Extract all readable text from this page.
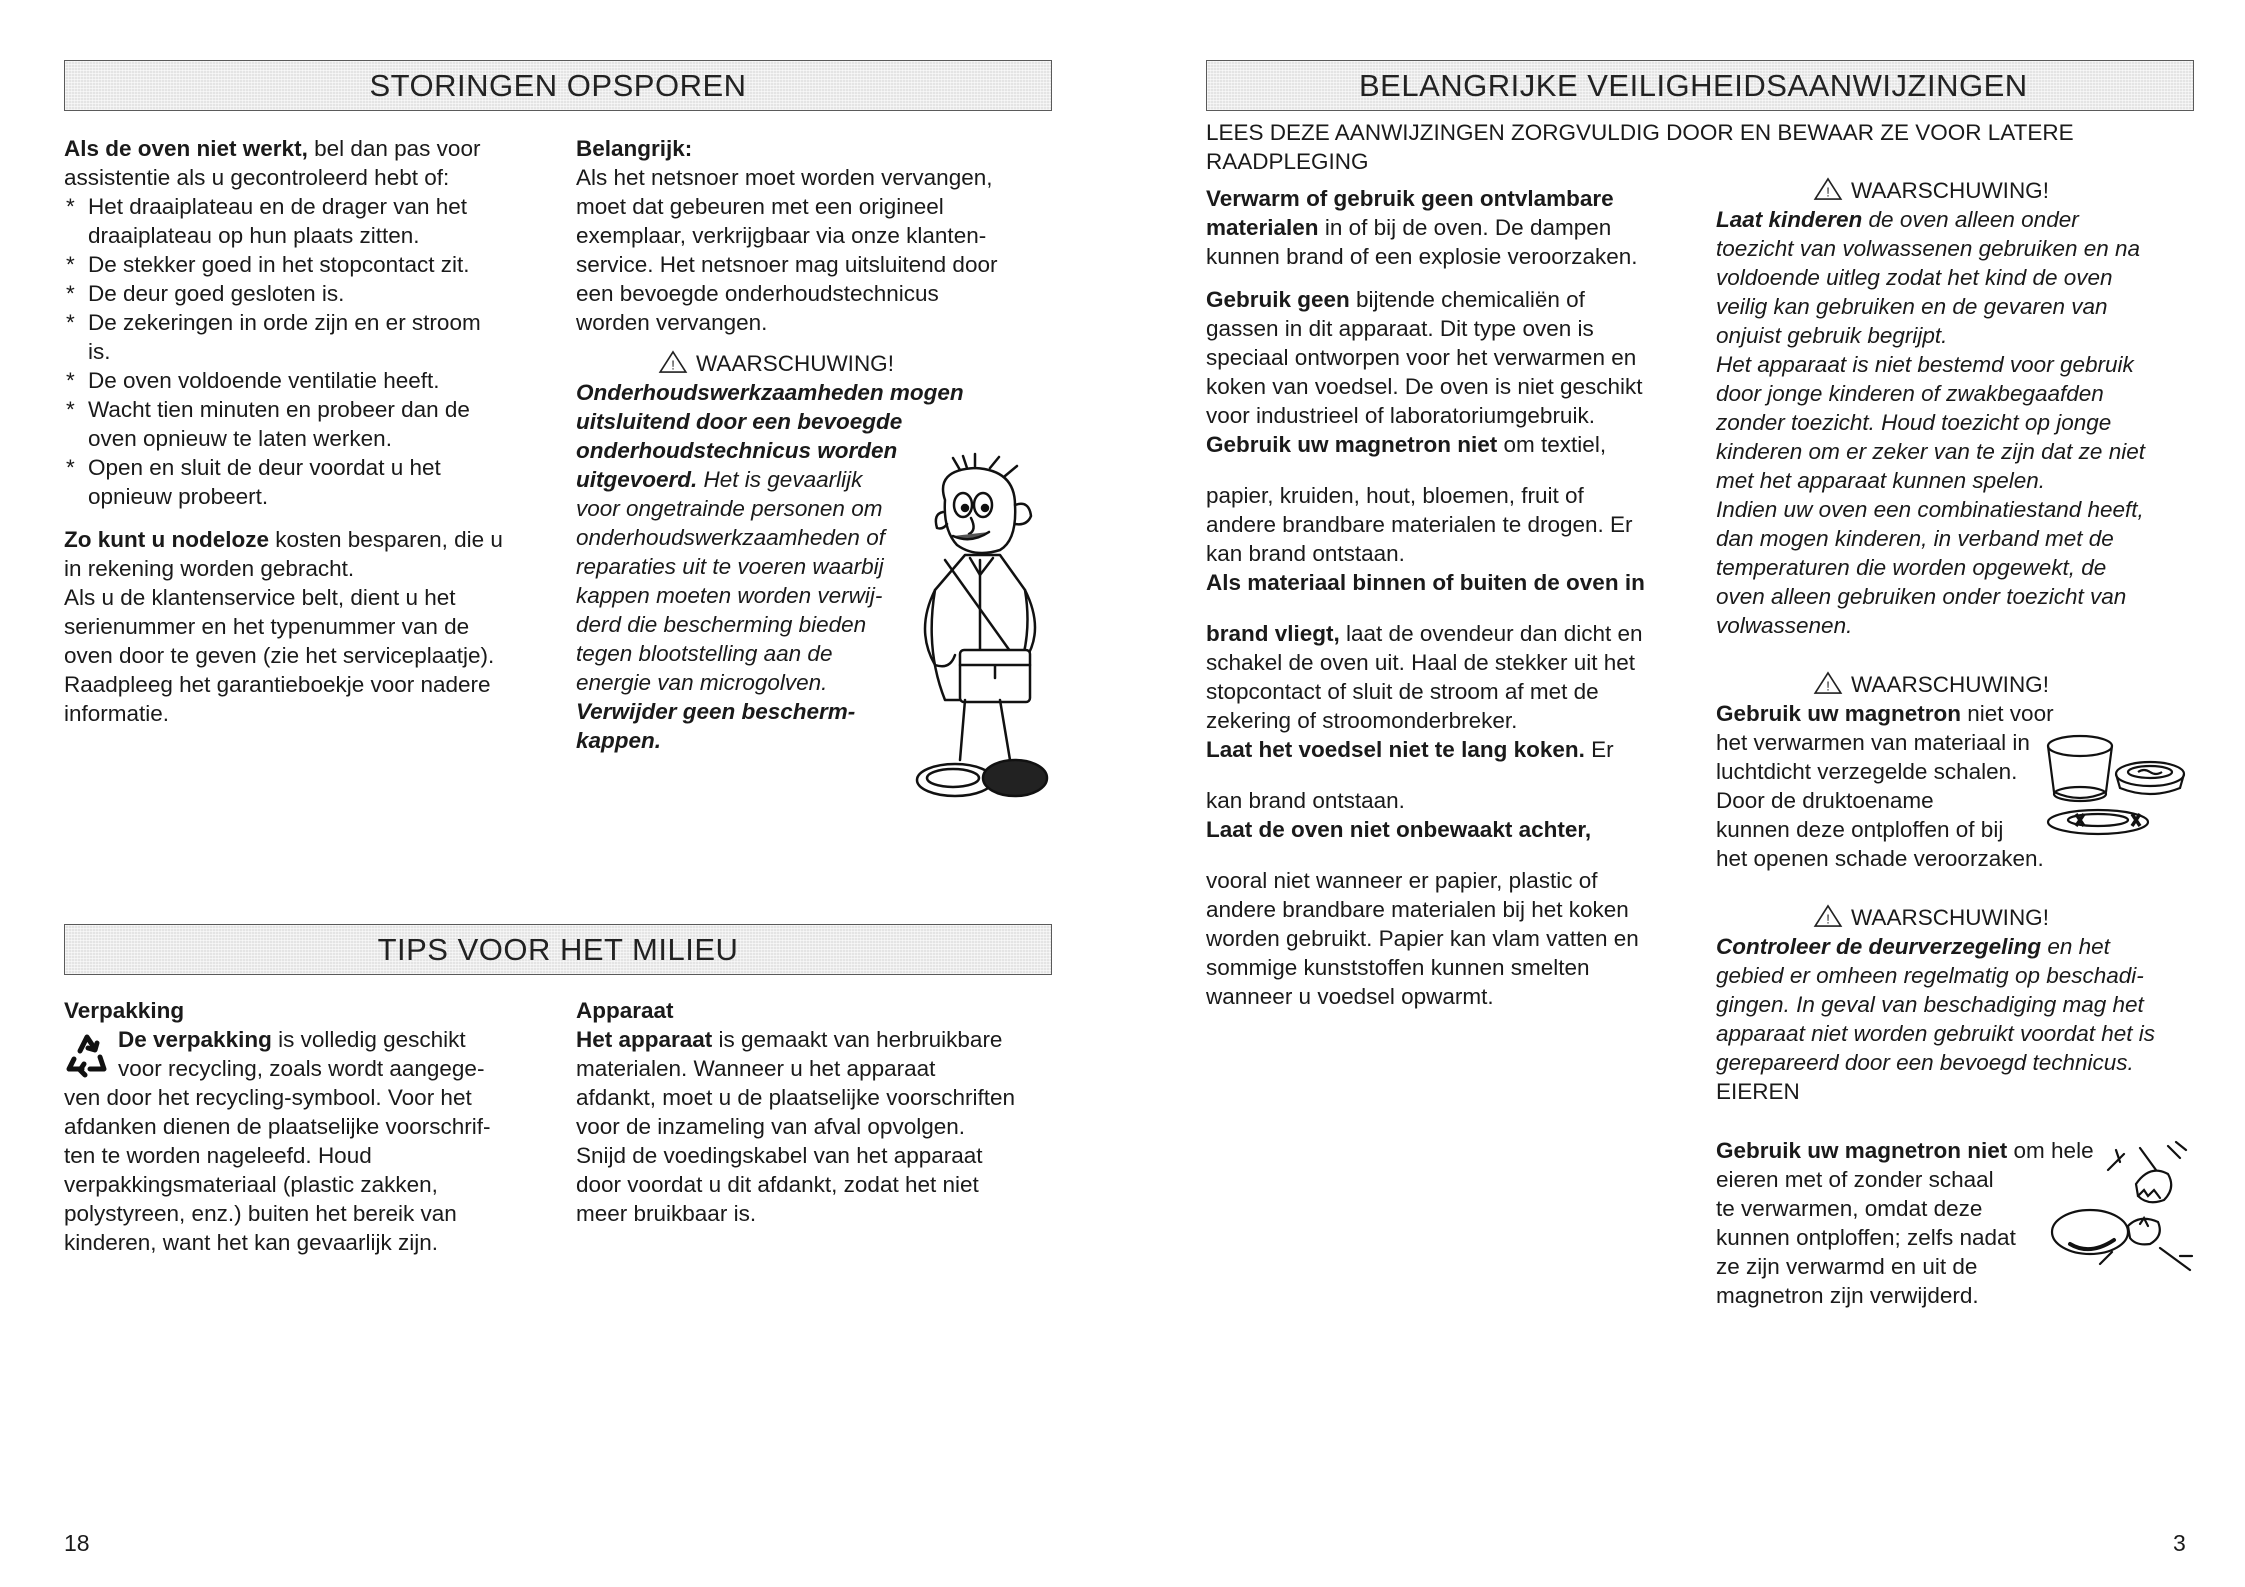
STORINGEN OPSPOREN

Als de oven niet werkt, bel dan pas voor

assistentie als u gecontroleerd hebt of:

* Het draaiplateau en de drager van het

draaiplateau op hun plaats zitten.

* De stekker goed in het stopcontact zit.

* De deur goed gesloten is.

* De zekeringen in orde zijn en er stroom

is.

* De oven voldoende ventilatie heeft.

* Wacht tien minuten en probeer dan de

oven opnieuw te laten werken.

* Open en sluit de deur voordat u het

opnieuw probeert.

Zo kunt u nodeloze kosten besparen, die u

in rekening worden gebracht.

Als u de klantenservice belt, dient u het

serienummer en het typenummer van de

oven door te geven (zie het serviceplaatje).

Raadpleeg het garantieboekje voor nadere

informatie.

Belangrijk:

Als het netsnoer moet worden vervangen,

moet dat gebeuren met een origineel

exemplaar, verkrijgbaar via onze klanten-

service. Het netsnoer mag uitsluitend door

een bevoegde onderhoudstechnicus

worden vervangen.

! WAARSCHUWING!

Onderhoudswerkzaamheden mogen

uitsluitend door een bevoegde

onderhoudstechnicus worden

uitgevoerd. Het is gevaarlijk

voor ongetrainde personen om

onderhoudswerkzaamheden of

reparaties uit te voeren waarbij

kappen moeten worden verwij-

derd die bescherming bieden

tegen blootstelling aan de

energie van microgolven.

Verwijder geen bescherm-

kappen.

TIPS VOOR HET MILIEU

Verpakking

De verpakking is volledig geschikt

voor recycling, zoals wordt aangege-

ven door het recycling-symbool. Voor het

afdanken dienen de plaatselijke voorschrif-

ten te worden nageleefd. Houd

verpakkingsmateriaal (plastic zakken,

polystyreen, enz.) buiten het bereik van

kinderen, want het kan gevaarlijk zijn.

Apparaat

Het apparaat is gemaakt van herbruikbare

materialen. Wanneer u het apparaat

afdankt, moet u de plaatselijke voorschriften

voor de inzameling van afval opvolgen.

Snijd de voedingskabel van het apparaat

door voordat u dit afdankt, zodat het niet

meer bruikbaar is.

18
BELANGRIJKE VEILIGHEIDSAANWIJZINGEN

LEES DEZE AANWIJZINGEN ZORGVULDIG DOOR EN BEWAAR ZE VOOR LATERE

RAADPLEGING

Verwarm of gebruik geen ontvlambare

materialen in of bij de oven. De dampen

kunnen brand of een explosie veroorzaken.

Gebruik geen bijtende chemicaliën of

gassen in dit apparaat. Dit type oven is

speciaal ontworpen voor het verwarmen en

koken van voedsel. De oven is niet geschikt

voor industrieel of laboratoriumgebruik.

Gebruik uw magnetron niet om textiel,

papier, kruiden, hout, bloemen, fruit of

andere brandbare materialen te drogen. Er

kan brand ontstaan.

Als materiaal binnen of buiten de oven in

brand vliegt, laat de ovendeur dan dicht en

schakel de oven uit. Haal de stekker uit het

stopcontact of sluit de stroom af met de

zekering of stroomonderbreker.

Laat het voedsel niet te lang koken. Er

kan brand ontstaan.

Laat de oven niet onbewaakt achter,

vooral niet wanneer er papier, plastic of

andere brandbare materialen bij het koken

worden gebruikt. Papier kan vlam vatten en

sommige kunststoffen kunnen smelten

wanneer u voedsel opwarmt.

! WAARSCHUWING!

Laat kinderen de oven alleen onder

toezicht van volwassenen gebruiken en na

voldoende uitleg zodat het kind de oven

veilig kan gebruiken en de gevaren van

onjuist gebruik begrijpt.

Het apparaat is niet bestemd voor gebruik

door jonge kinderen of zwakbegaafden

zonder toezicht. Houd toezicht op jonge

kinderen om er zeker van te zijn dat ze niet

met het apparaat kunnen spelen.

Indien uw oven een combinatiestand heeft,

dan mogen kinderen, in verband met de

temperaturen die worden opgewekt, de

oven alleen gebruiken onder toezicht van

volwassenen.

! WAARSCHUWING!

Gebruik uw magnetron niet voor

het verwarmen van materiaal in

luchtdicht verzegelde schalen.

Door de druktoename

kunnen deze ontploffen of bij

het openen schade veroorzaken.

! WAARSCHUWING!

Controleer de deurverzegeling en het

gebied er omheen regelmatig op beschadi-

gingen. In geval van beschadiging mag het

apparaat niet worden gebruikt voordat het is

gerepareerd door een bevoegd technicus.

EIEREN

Gebruik uw magnetron niet om hele

eieren met of zonder schaal

te verwarmen, omdat deze

kunnen ontploffen; zelfs nadat

ze zijn verwarmd en uit de

magnetron zijn verwijderd.

3
